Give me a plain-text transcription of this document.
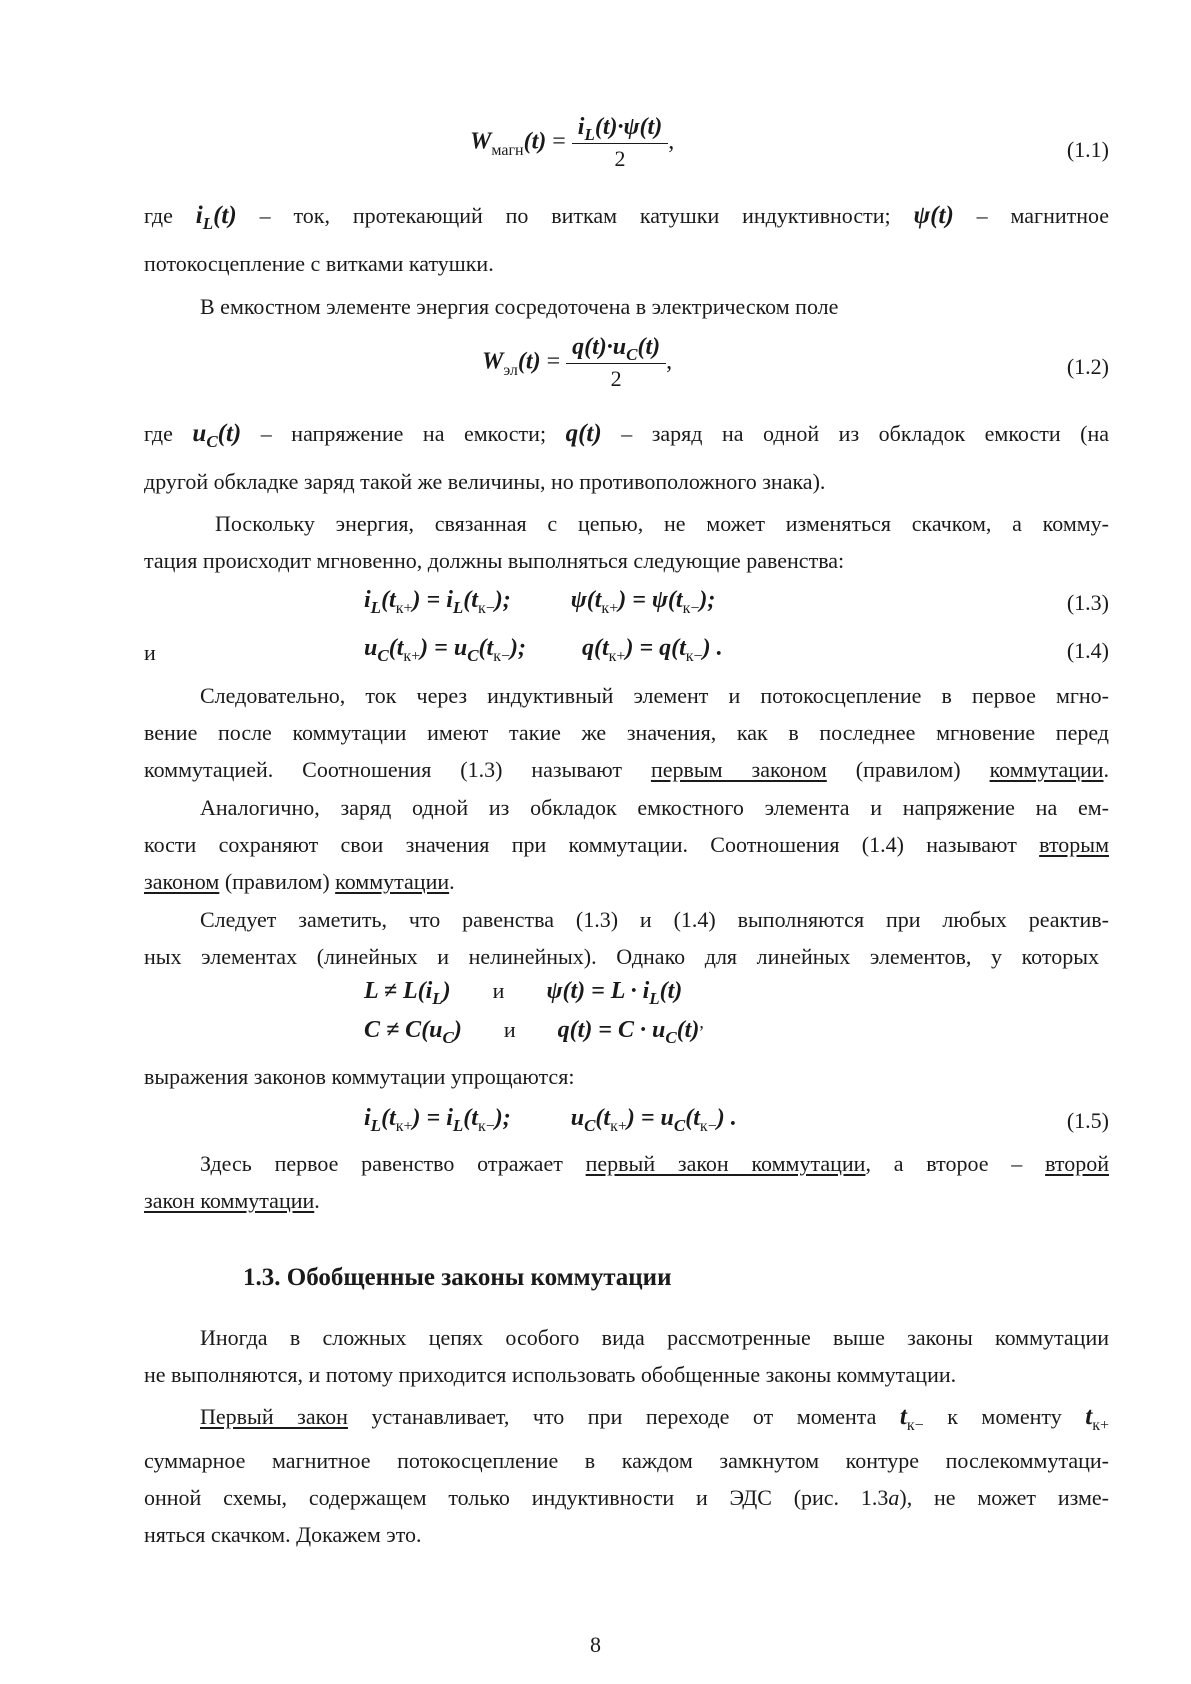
$W_{магн}(t) = \frac{i_L(t)\cdot\psi(t)}{2}$ ,	(1.1)
где $i_L(t)$ – ток, протекающий по виткам катушки индуктивности; ψ(t) – магнитное
потокосцепление с витками катушки.
В емкостном элементе энергия сосредоточена в электрическом поле
$W_{эл}(t) = \frac{q(t)\cdot u_C(t)}{2}$ ,	(1.2)
где $u_C(t)$ – напряжение на емкости; q(t) – заряд на одной из обкладок емкости (на
другой обкладке заряд такой же величины, но противоположного знака).
Поскольку энергия, связанная с цепью, не может изменяться скачком, а комму-
тация происходит мгновенно, должны выполняться следующие равенства:
$i_L(t_{к+}) = i_L(t_{к-})$;	$\psi(t_{к+}) = \psi(t_{к-})$;	(1.3)
и	$u_C(t_{к+}) = u_C(t_{к-})$; $q(t_{к+}) = q(t_{к-})$ .	(1.4)
Следовательно, ток через индуктивный элемент и потокосцепление в первое мгно-
вение после коммутации имеют такие же значения, как в последнее мгновение перед
коммутацией. Соотношения (1.3) называют первым законом (правилом) коммутации.
Аналогично, заряд одной из обкладок емкостного элемента и напряжение на ем-
кости сохраняют свои значения при коммутации. Соотношения (1.4) называют вторым
законом (правилом) коммутации.
Следует заметить, что равенства (1.3) и (1.4) выполняются при любых реактив-
ных элементах (линейных и нелинейных). Однако для линейных элементов, у которых
$L \ne L(i_L)$ и $\psi(t) = L \cdot i_L(t)$
$C \ne C(u_C)$ и $q(t) = C \cdot u_C(t)^,$
выражения законов коммутации упрощаются:
$i_L(t_{к+}) = i_L(t_{к-})$;	$u_C(t_{к+}) = u_C(t_{к-})$ .	(1.5)
Здесь первое равенство отражает первый закон коммутации, а второе – второй
закон коммутации.
1.3. Обобщенные законы коммутации
Иногда в сложных цепях особого вида рассмотренные выше законы коммутации
не выполняются, и потому приходится использовать обобщенные законы коммутации.
Первый закон устанавливает, что при переходе от момента $t_{к-}$ к моменту $t_{к+}$
суммарное магнитное потокосцепление в каждом замкнутом контуре послекоммутаци-
онной схемы, содержащем только индуктивности и ЭДС (рис. 1.3а), не может изме-
няться скачком. Докажем это.
8
